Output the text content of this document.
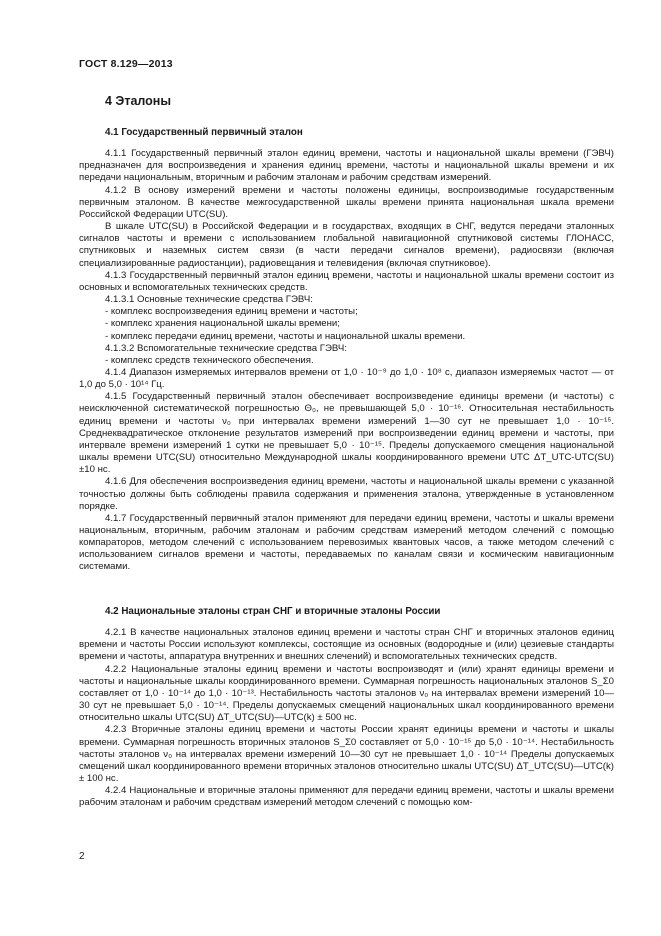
ГОСТ 8.129—2013
4 Эталоны
4.1 Государственный первичный эталон

4.1.1 Государственный первичный эталон единиц времени, частоты и национальной шкалы времени (ГЭВЧ) предназначен для воспроизведения и хранения единиц времени, частоты и национальной шкалы времени и их передачи национальным, вторичным и рабочим эталонам и рабочим средствам измерений.

4.1.2 В основу измерений времени и частоты положены единицы, воспроизводимые государственным первичным эталоном. В качестве межгосударственной шкалы времени принята национальная шкала времени Российской Федерации UTC(SU).

В шкале UTC(SU) в Российской Федерации и в государствах, входящих в СНГ, ведутся передачи эталонных сигналов частоты и времени с использованием глобальной навигационной спутниковой системы ГЛОНАСС, спутниковых и наземных систем связи (в части передачи сигналов времени), радиосвязи (включая специализированные радиостанции), радиовещания и телевидения (включая спутниковое).

4.1.3 Государственный первичный эталон единиц времени, частоты и национальной шкалы времени состоит из основных и вспомогательных технических средств.

4.1.3.1 Основные технические средства ГЭВЧ:

- комплекс воспроизведения единиц времени и частоты;

- комплекс хранения национальной шкалы времени;

- комплекс передачи единиц времени, частоты и национальной шкалы времени.

4.1.3.2 Вспомогательные технические средства ГЭВЧ:

- комплекс средств технического обеспечения.

4.1.4 Диапазон измеряемых интервалов времени от 1,0 · 10⁻⁹ до 1,0 · 10⁸ с, диапазон измеряемых частот — от 1,0 до 5,0 · 10¹⁴ Гц.

4.1.5 Государственный первичный эталон обеспечивает воспроизведение единицы времени (и частоты) с неисключенной систематической погрешностью Θ₀, не превышающей 5,0 · 10⁻¹⁶. Относительная нестабильность единиц времени и частоты ν₀ при интервалах времени измерений 1—30 сут не превышает 1,0 · 10⁻¹⁵. Среднеквадратическое отклонение результатов измерений при воспроизведении единиц времени и частоты, при интервале времени измерений 1 сутки не превышает 5,0 · 10⁻¹⁵. Пределы допускаемого смещения национальной шкалы времени UTC(SU) относительно Международной шкалы координированного времени UTC ΔT_UTC-UTC(SU) ±10 нс.

4.1.6 Для обеспечения воспроизведения единиц времени, частоты и национальной шкалы времени с указанной точностью должны быть соблюдены правила содержания и применения эталона, утвержденные в установленном порядке.

4.1.7 Государственный первичный эталон применяют для передачи единиц времени, частоты и шкалы времени национальным, вторичным, рабочим эталонам и рабочим средствам измерений методом слечений с помощью компараторов, методом слечений с использованием перевозимых квантовых часов, а также методом слечений с использованием сигналов времени и частоты, передаваемых по каналам связи и космическим навигационным системами.

4.2 Национальные эталоны стран СНГ и вторичные эталоны России

4.2.1 В качестве национальных эталонов единиц времени и частоты стран СНГ и вторичных эталонов единиц времени и частоты России используют комплексы, состоящие из основных (водородные и (или) цезиевые стандарты времени и частоты, аппаратура внутренних и внешних слечений) и вспомогательных технических средств.

4.2.2 Национальные эталоны единиц времени и частоты воспроизводят и (или) хранят единицы времени и частоты и национальные шкалы координированного времени. Суммарная погрешность национальных эталонов S_Σ0 составляет от 1,0 · 10⁻¹⁴ до 1,0 · 10⁻¹³. Нестабильность частоты эталонов ν₀ на интервалах времени измерений 10—30 сут не превышает 5,0 · 10⁻¹⁴. Пределы допускаемых смещений национальных шкал координированного времени относительно шкалы UTC(SU) ΔT_UTC(SU)—UTC(k) ± 500 нс.

4.2.3 Вторичные эталоны единиц времени и частоты России хранят единицы времени и частоты и шкалы времени. Суммарная погрешность вторичных эталонов S_Σ0 составляет от 5,0 · 10⁻¹⁵ до 5,0 · 10⁻¹⁴. Нестабильность частоты эталонов ν₀ на интервалах времени измерений 10—30 сут не превышает 1,0 · 10⁻¹⁴ Пределы допускаемых смещений шкал координированного времени вторичных эталонов относительно шкалы UTC(SU) ΔT_UTC(SU)—UTC(k) ± 100 нс.

4.2.4 Национальные и вторичные эталоны применяют для передачи единиц времени, частоты и шкалы времени рабочим эталонам и рабочим средствам измерений методом слечений с помощью ком-

2
